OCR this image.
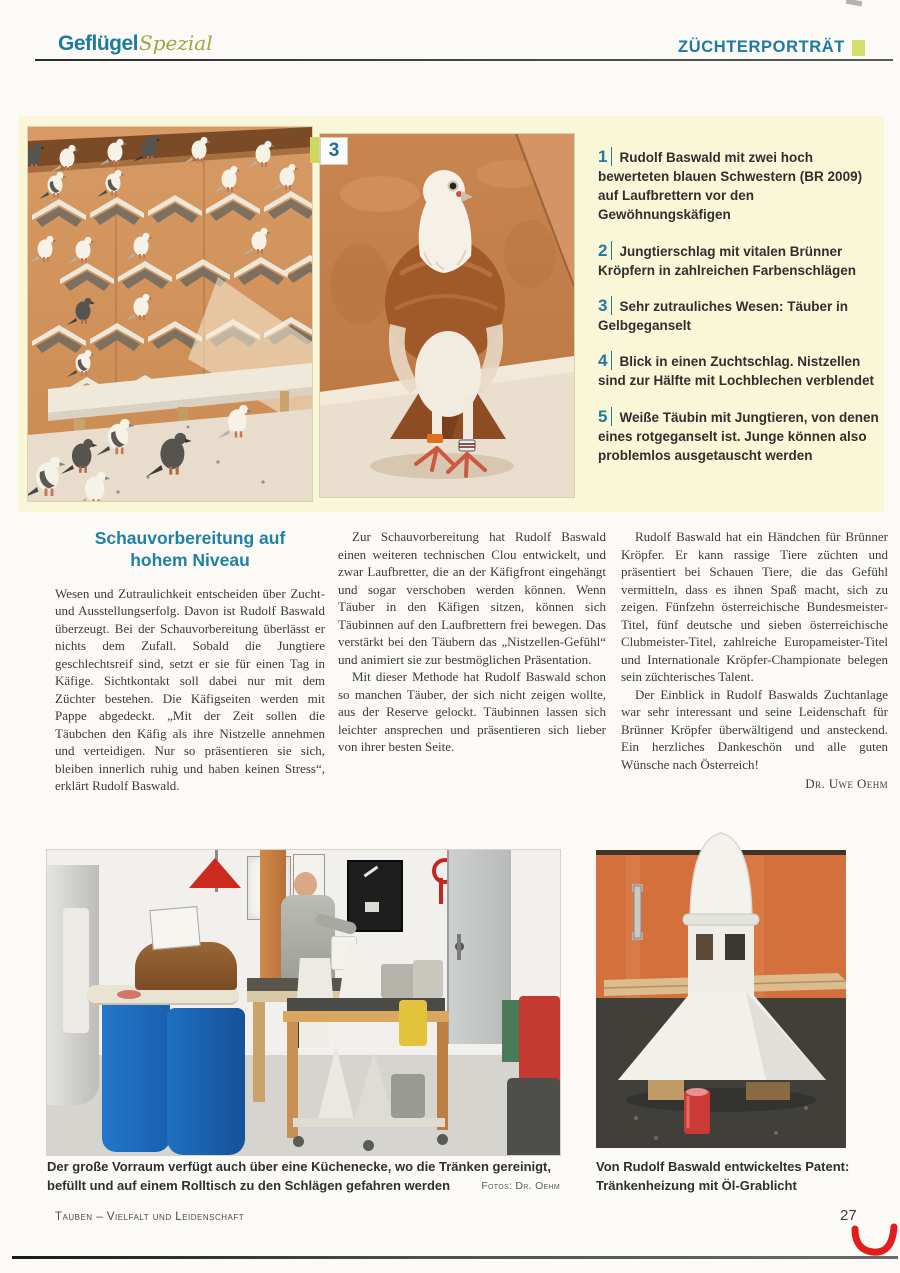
GeflügelSpezial	ZÜCHTERPORTRÄT
3	1 Rudolf Baswald mit zwei hoch bewerteten blauen Schwestern (BR 2009) auf Laufbrettern vor den Gewöhnungskäfigen
2 Jungtierschlag mit vitalen Brünner Kröpfern in zahlreichen Farbenschlägen
3 Sehr zutrauliches Wesen: Täuber in Gelbgeganselt
4 Blick in einen Zuchtschlag. Nistzellen sind zur Hälfte mit Lochblechen verblendet
5 Weiße Täubin mit Jungtieren, von denen eines rotgeganselt ist. Junge können also problemlos ausgetauscht werden
Schauvorbereitung auf
hohem Niveau

Wesen und Zutraulichkeit entscheiden über Zucht- und Ausstellungserfolg. Davon ist Rudolf Baswald überzeugt. Bei der Schauvorbereitung überlässt er nichts dem Zufall. Sobald die Jungtiere geschlechtsreif sind, setzt er sie für einen Tag in Käfige. Sichtkontakt soll dabei nur mit dem Züchter bestehen. Die Käfigseiten werden mit Pappe abgedeckt. „Mit der Zeit sollen die Täubchen den Käfig als ihre Nistzelle annehmen und verteidigen. Nur so präsentieren sie sich, bleiben innerlich ruhig und haben keinen Stress“, erklärt Rudolf Baswald.

Zur Schauvorbereitung hat Rudolf Baswald einen weiteren technischen Clou entwickelt, und zwar Laufbretter, die an der Käfigfront eingehängt und sogar verschoben werden können. Wenn Täuber in den Käfigen sitzen, können sich Täubinnen auf den Laufbrettern frei bewegen. Das verstärkt bei den Täubern das „Nistzellen-Gefühl“ und animiert sie zur bestmöglichen Präsentation.

Mit dieser Methode hat Rudolf Baswald schon so manchen Täuber, der sich nicht zeigen wollte, aus der Reserve gelockt. Täubinnen lassen sich leichter ansprechen und präsentieren sich lieber von ihrer besten Seite.

Rudolf Baswald hat ein Händchen für Brünner Kröpfer. Er kann rassige Tiere züchten und präsentiert bei Schauen Tiere, die das Gefühl vermitteln, dass es ihnen Spaß macht, sich zu zeigen. Fünfzehn österreichische Bundesmeister-Titel, fünf deutsche und sieben österreichische Clubmeister-Titel, zahlreiche Europameister-Titel und Internationale Kröpfer-Championate belegen sein züchterisches Talent.

Der Einblick in Rudolf Baswalds Zuchtanlage war sehr interessant und seine Leidenschaft für Brünner Kröpfer überwältigend und ansteckend. Ein herzliches Dankeschön und alle guten Wünsche nach Österreich!

Dr. Uwe Oehm
Der große Vorraum verfügt auch über eine Küchenecke, wo die Tränken gereinigt, befüllt und auf einem Rolltisch zu den Schlägen gefahren werden	Fotos: Dr. Oehm
Von Rudolf Baswald entwickeltes Patent:
Tränkenheizung mit Öl-Grablicht
Tauben – Vielfalt und Leidenschaft	27
